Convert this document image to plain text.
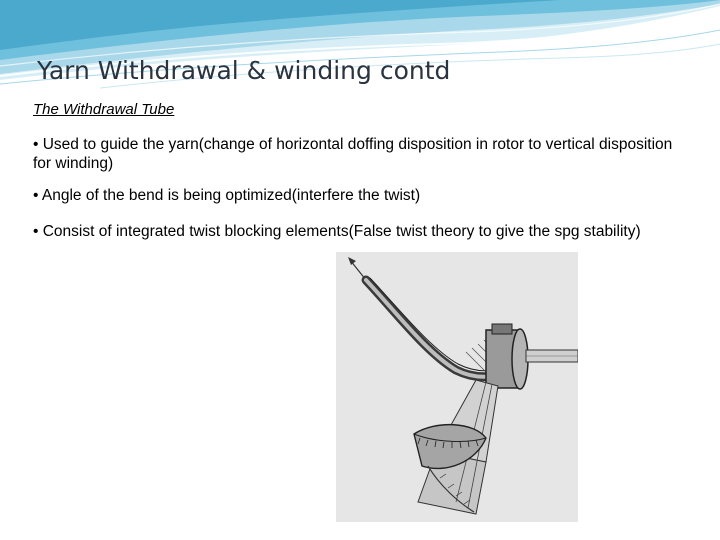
Yarn Withdrawal & winding contd
The Withdrawal Tube
• Used to guide the yarn(change of horizontal doffing disposition in rotor to vertical disposition for winding)
• Angle of the bend is being optimized(interfere the twist)
• Consist of integrated twist blocking elements(False twist theory to give the spg stability)
